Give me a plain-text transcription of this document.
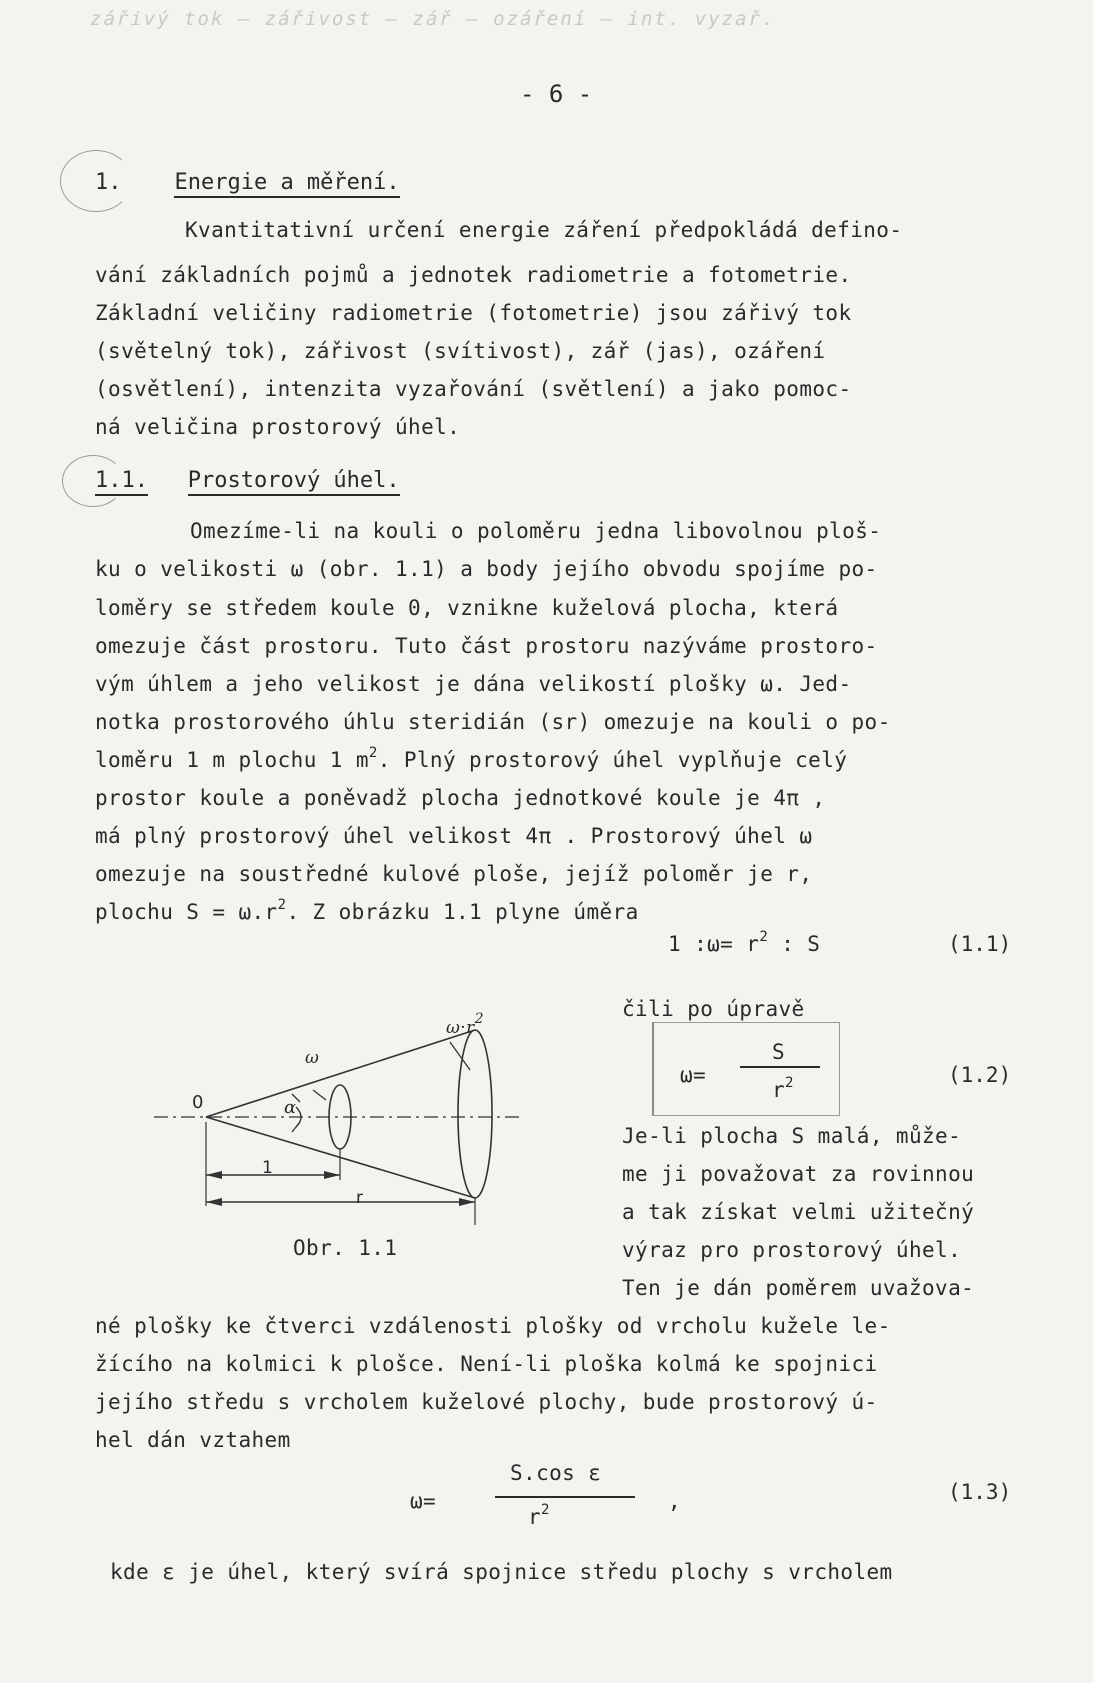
zářivý tok — zářivost — zář — ozáření — int. vyzař.
- 6 -
1. Energie a měření.
Kvantitativní určení energie záření předpokládá defino-
vání základních pojmů a jednotek radiometrie a fotometrie.
Základní veličiny radiometrie (fotometrie) jsou zářivý tok
(světelný tok), zářivost (svítivost), zář (jas), ozáření
(osvětlení), intenzita vyzařování (světlení) a jako pomoc-
ná veličina prostorový úhel.
1.1. Prostorový úhel.
Omezíme-li na kouli o poloměru jedna libovolnou ploš-
ku o velikosti ω (obr. 1.1) a body jejího obvodu spojíme po-
loměry se středem koule 0, vznikne kuželová plocha, která
omezuje část prostoru. Tuto část prostoru nazýváme prostoro-
vým úhlem a jeho velikost je dána velikostí plošky ω. Jed-
notka prostorového úhlu steridián (sr) omezuje na kouli o po-
loměru 1 m plochu 1 $m^2$. Plný prostorový úhel vyplňuje celý
prostor koule a poněvadž plocha jednotkové koule je 4π ,
má plný prostorový úhel velikost 4π . Prostorový úhel ω
omezuje na soustředné kulové ploše, jejíž poloměr je r,
plochu $S = \omega.r^2$. Z obrázku 1.1 plyne úměra
1 :ω= $r^2$ : S	(1.1)
čili po úpravě
ω=
S
$r^2$	(1.2)
Je-li plocha S malá, může-
me ji považovat za rovinnou
a tak získat velmi užitečný
výraz pro prostorový úhel.
Ten je dán poměrem uvažova-
0	α
ω
$\omega\cdot r^2$
1
r
Obr. 1.1
né plošky ke čtverci vzdálenosti plošky od vrcholu kužele le-
žícího na kolmici k plošce. Není-li ploška kolmá ke spojnici
jejího středu s vrcholem kuželové plochy, bude prostorový ú-
hel dán vztahem
ω=
S.cos ε
$r^2$	,	(1.3)
kde ε je úhel, který svírá spojnice středu plochy s vrcholem
